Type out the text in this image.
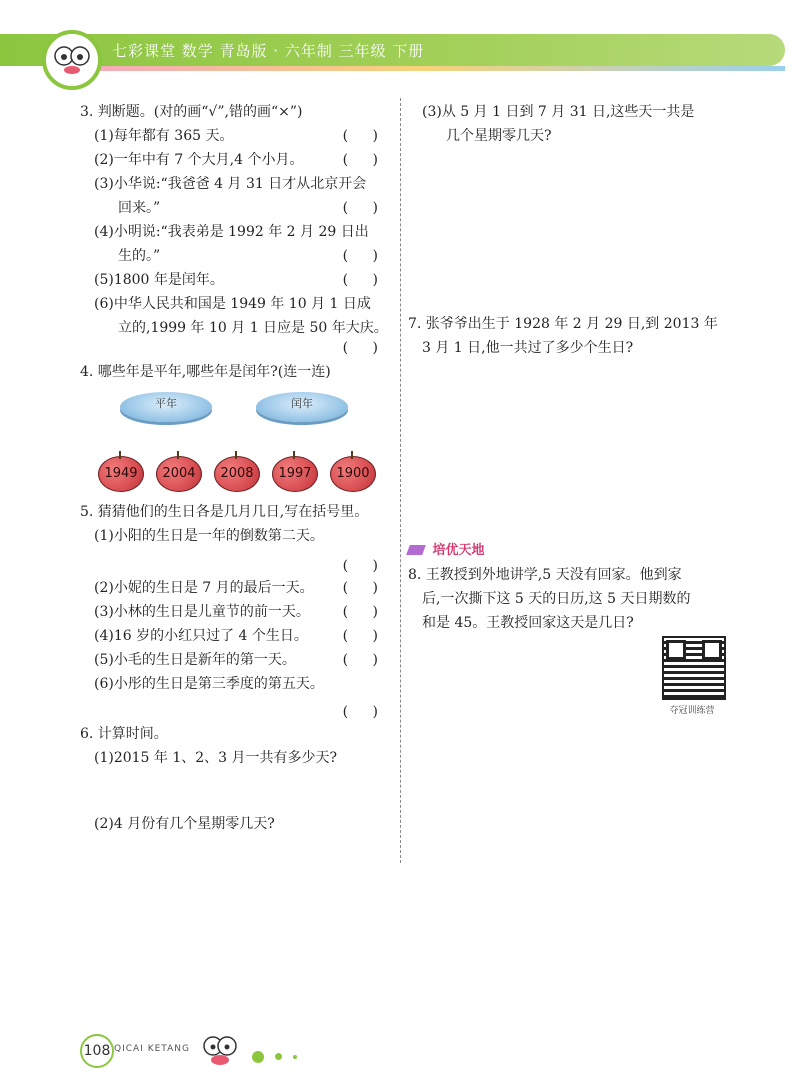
七彩课堂 数学 青岛版 · 六年制 三年级 下册
3. 判断题。(对的画“√”,错的画“×”)
(1)每年都有 365 天。	( )
(2)一年中有 7 个大月,4 个小月。	( )
(3)小华说:“我爸爸 4 月 31 日才从北京开会
回来。”	( )
(4)小明说:“我表弟是 1992 年 2 月 29 日出
生的。”	( )
(5)1800 年是闰年。	( )
(6)中华人民共和国是 1949 年 10 月 1 日成
立的,1999 年 10 月 1 日应是 50 年大庆。
( )
4. 哪些年是平年,哪些年是闰年?(连一连)
平年	闰年
1949	2004	2008	1997	1900
5. 猜猜他们的生日各是几月几日,写在括号里。
(1)小阳的生日是一年的倒数第二天。
( )
(2)小妮的生日是 7 月的最后一天。 ( )
(3)小林的生日是儿童节的前一天。 ( )
(4)16 岁的小红只过了 4 个生日。 ( )
(5)小毛的生日是新年的第一天。	( )
(6)小彤的生日是第三季度的第五天。
( )
6. 计算时间。
(1)2015 年 1、2、3 月一共有多少天?
(2)4 月份有几个星期零几天?
(3)从 5 月 1 日到 7 月 31 日,这些天一共是
几个星期零几天?
7. 张爷爷出生于 1928 年 2 月 29 日,到 2013 年
3 月 1 日,他一共过了多少个生日?
培优天地
8. 王教授到外地讲学,5 天没有回家。他到家
后,一次撕下这 5 天的日历,这 5 天日期数的
和是 45。王教授回家这天是几日?
夺冠训练营
108 QICAI KETANG
